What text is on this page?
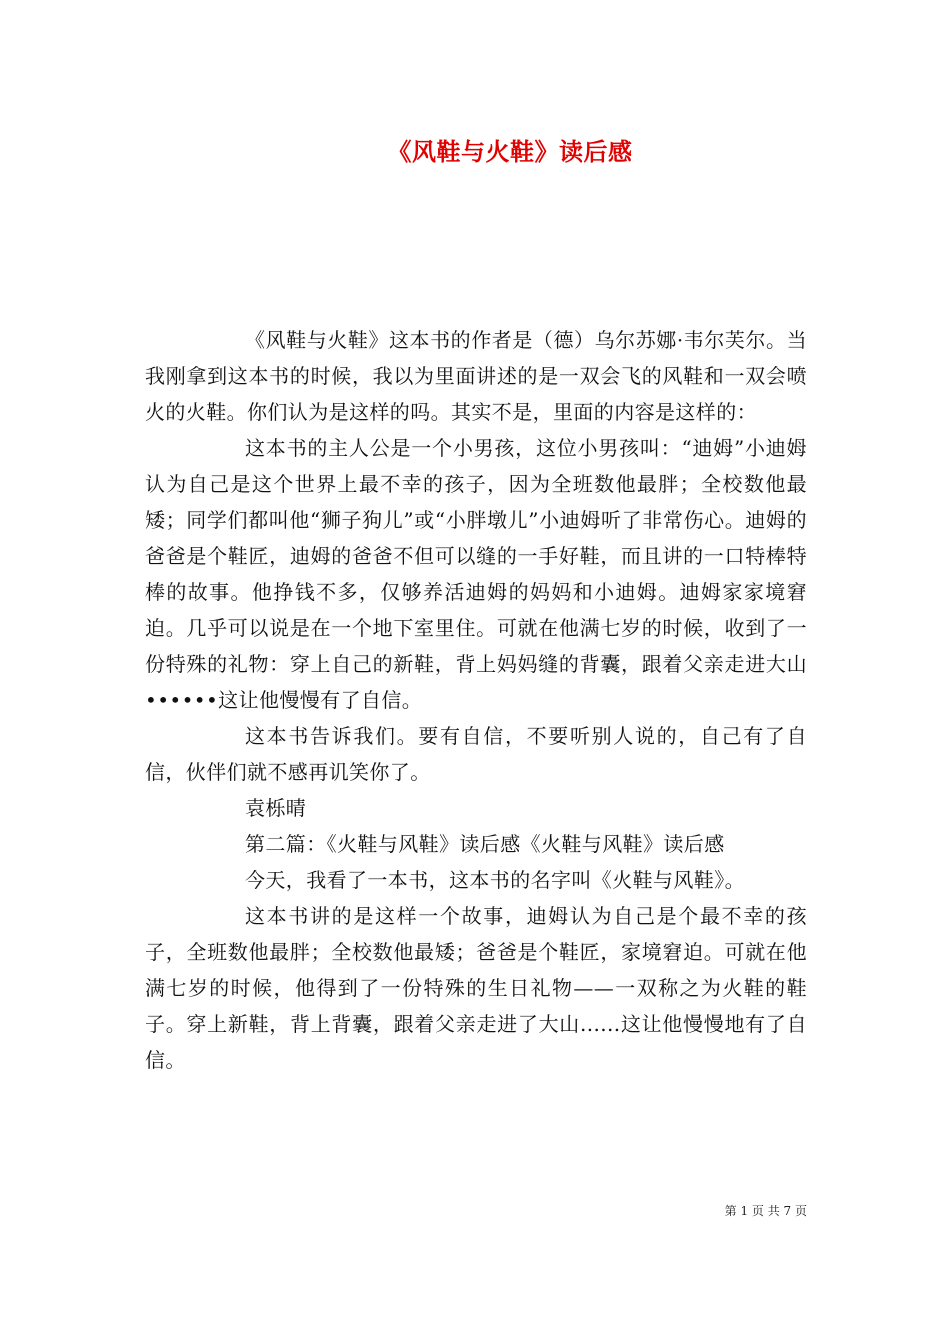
《风鞋与火鞋》读后感

《风鞋与火鞋》这本书的作者是（德）乌尔苏娜·韦尔芙尔。当我刚拿到这本书的时候，我以为里面讲述的是一双会飞的风鞋和一双会喷火的火鞋。你们认为是这样的吗。其实不是，里面的内容是这样的：

这本书的主人公是一个小男孩，这位小男孩叫：“迪姆”小迪姆认为自己是这个世界上最不幸的孩子，因为全班数他最胖；全校数他最矮；同学们都叫他“狮子狗儿”或“小胖墩儿”小迪姆听了非常伤心。迪姆的爸爸是个鞋匠，迪姆的爸爸不但可以缝的一手好鞋，而且讲的一口特棒特棒的故事。他挣钱不多，仅够养活迪姆的妈妈和小迪姆。迪姆家家境窘迫。几乎可以说是在一个地下室里住。可就在他满七岁的时候，收到了一份特殊的礼物：穿上自己的新鞋，背上妈妈缝的背囊，跟着父亲走进大山••••••这让他慢慢有了自信。

这本书告诉我们。要有自信，不要听别人说的，自己有了自信，伙伴们就不感再讥笑你了。

袁栎晴

第二篇：《火鞋与风鞋》读后感《火鞋与风鞋》读后感

今天，我看了一本书，这本书的名字叫《火鞋与风鞋》。

这本书讲的是这样一个故事，迪姆认为自己是个最不幸的孩子，全班数他最胖；全校数他最矮；爸爸是个鞋匠，家境窘迫。可就在他满七岁的时候，他得到了一份特殊的生日礼物——一双称之为火鞋的鞋子。穿上新鞋，背上背囊，跟着父亲走进了大山......这让他慢慢地有了自信。

第 1 页 共 7 页
